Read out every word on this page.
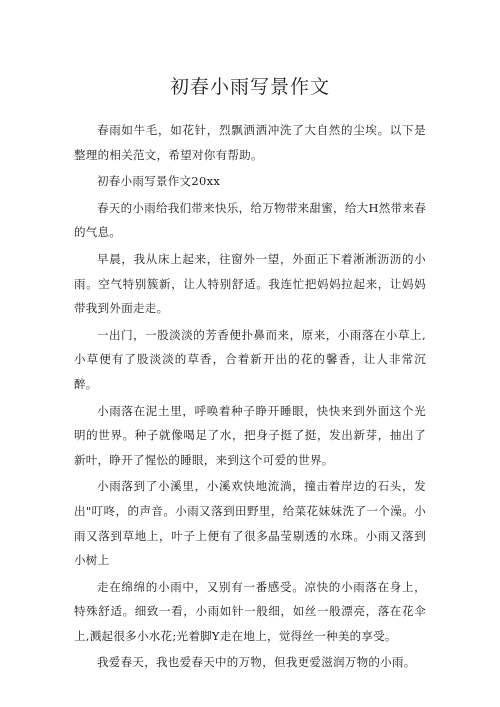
初春小雨写景作文

春雨如牛毛，如花针，烈飘洒洒冲洗了大自然的尘埃。以下是整理的相关范文，希望对你有帮助。

初春小雨写景作文20xx

春天的小雨给我们带来快乐，给万物带来甜蜜，给大H然带来春的气息。

早晨，我从床上起来，往窗外一望，外面正下着淅淅沥沥的小雨。空气特别簇新，让人特别舒适。我连忙把妈妈拉起来，让妈妈带我到外面走走。

一出门，一股淡淡的芳香便扑鼻而来，原来，小雨落在小草上,小草便有了股淡淡的草香，合着新开出的花的馨香，让人非常沉醉。

小雨落在泥土里，呼唤着种子睁开睡眼，快快来到外面这个光明的世界。种子就像喝足了水，把身子挺了挺，发出新芽，抽出了新叶，睁开了惺忪的睡眼，来到这个可爱的世界。

小雨落到了小溪里，小溪欢快地流淌，撞击着岸边的石头，发出"叮咚，的声音。小雨又落到田野里，给菜花妹妹洗了一个澡。小雨又落到草地上，叶子上便有了很多晶莹剔透的水珠。小雨又落到小树上

走在绵绵的小雨中，又别有一番感受。凉快的小雨落在身上，特殊舒适。细致一看，小雨如针一般细，如丝一般漂亮，落在花伞上,溅起很多小水花;光着脚Y走在地上，觉得丝一种美的享受。

我爱春天，我也爱春天中的万物，但我更爱滋润万物的小雨。
